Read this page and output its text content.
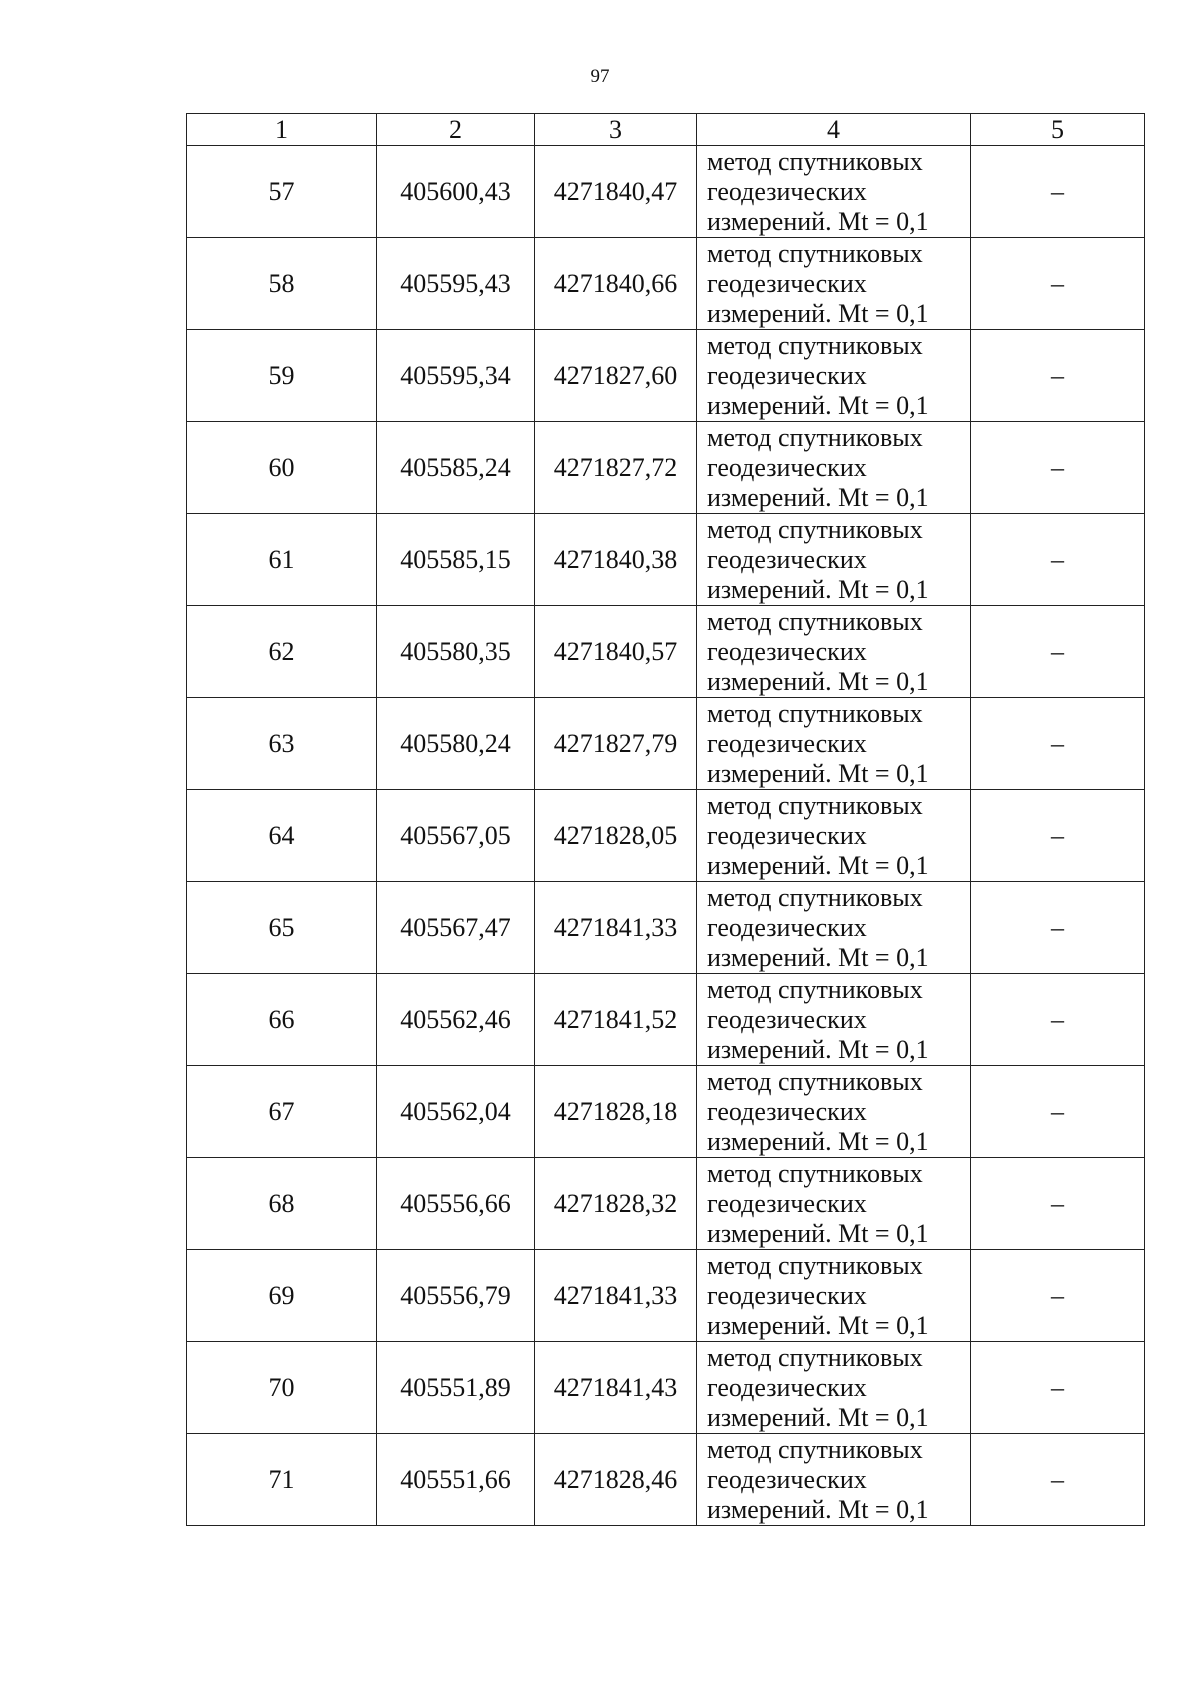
97
1	2	3	4	5
57	405600,43	4271840,47	метод спутниковых
геодезических
измерений. Mt = 0,1	–
58	405595,43	4271840,66	метод спутниковых
геодезических
измерений. Mt = 0,1	–
59	405595,34	4271827,60	метод спутниковых
геодезических
измерений. Mt = 0,1	–
60	405585,24	4271827,72	метод спутниковых
геодезических
измерений. Mt = 0,1	–
61	405585,15	4271840,38	метод спутниковых
геодезических
измерений. Mt = 0,1	–
62	405580,35	4271840,57	метод спутниковых
геодезических
измерений. Mt = 0,1	–
63	405580,24	4271827,79	метод спутниковых
геодезических
измерений. Mt = 0,1	–
64	405567,05	4271828,05	метод спутниковых
геодезических
измерений. Mt = 0,1	–
65	405567,47	4271841,33	метод спутниковых
геодезических
измерений. Mt = 0,1	–
66	405562,46	4271841,52	метод спутниковых
геодезических
измерений. Mt = 0,1	–
67	405562,04	4271828,18	метод спутниковых
геодезических
измерений. Mt = 0,1	–
68	405556,66	4271828,32	метод спутниковых
геодезических
измерений. Mt = 0,1	–
69	405556,79	4271841,33	метод спутниковых
геодезических
измерений. Mt = 0,1	–
70	405551,89	4271841,43	метод спутниковых
геодезических
измерений. Mt = 0,1	–
71	405551,66	4271828,46	метод спутниковых
геодезических
измерений. Mt = 0,1	–
